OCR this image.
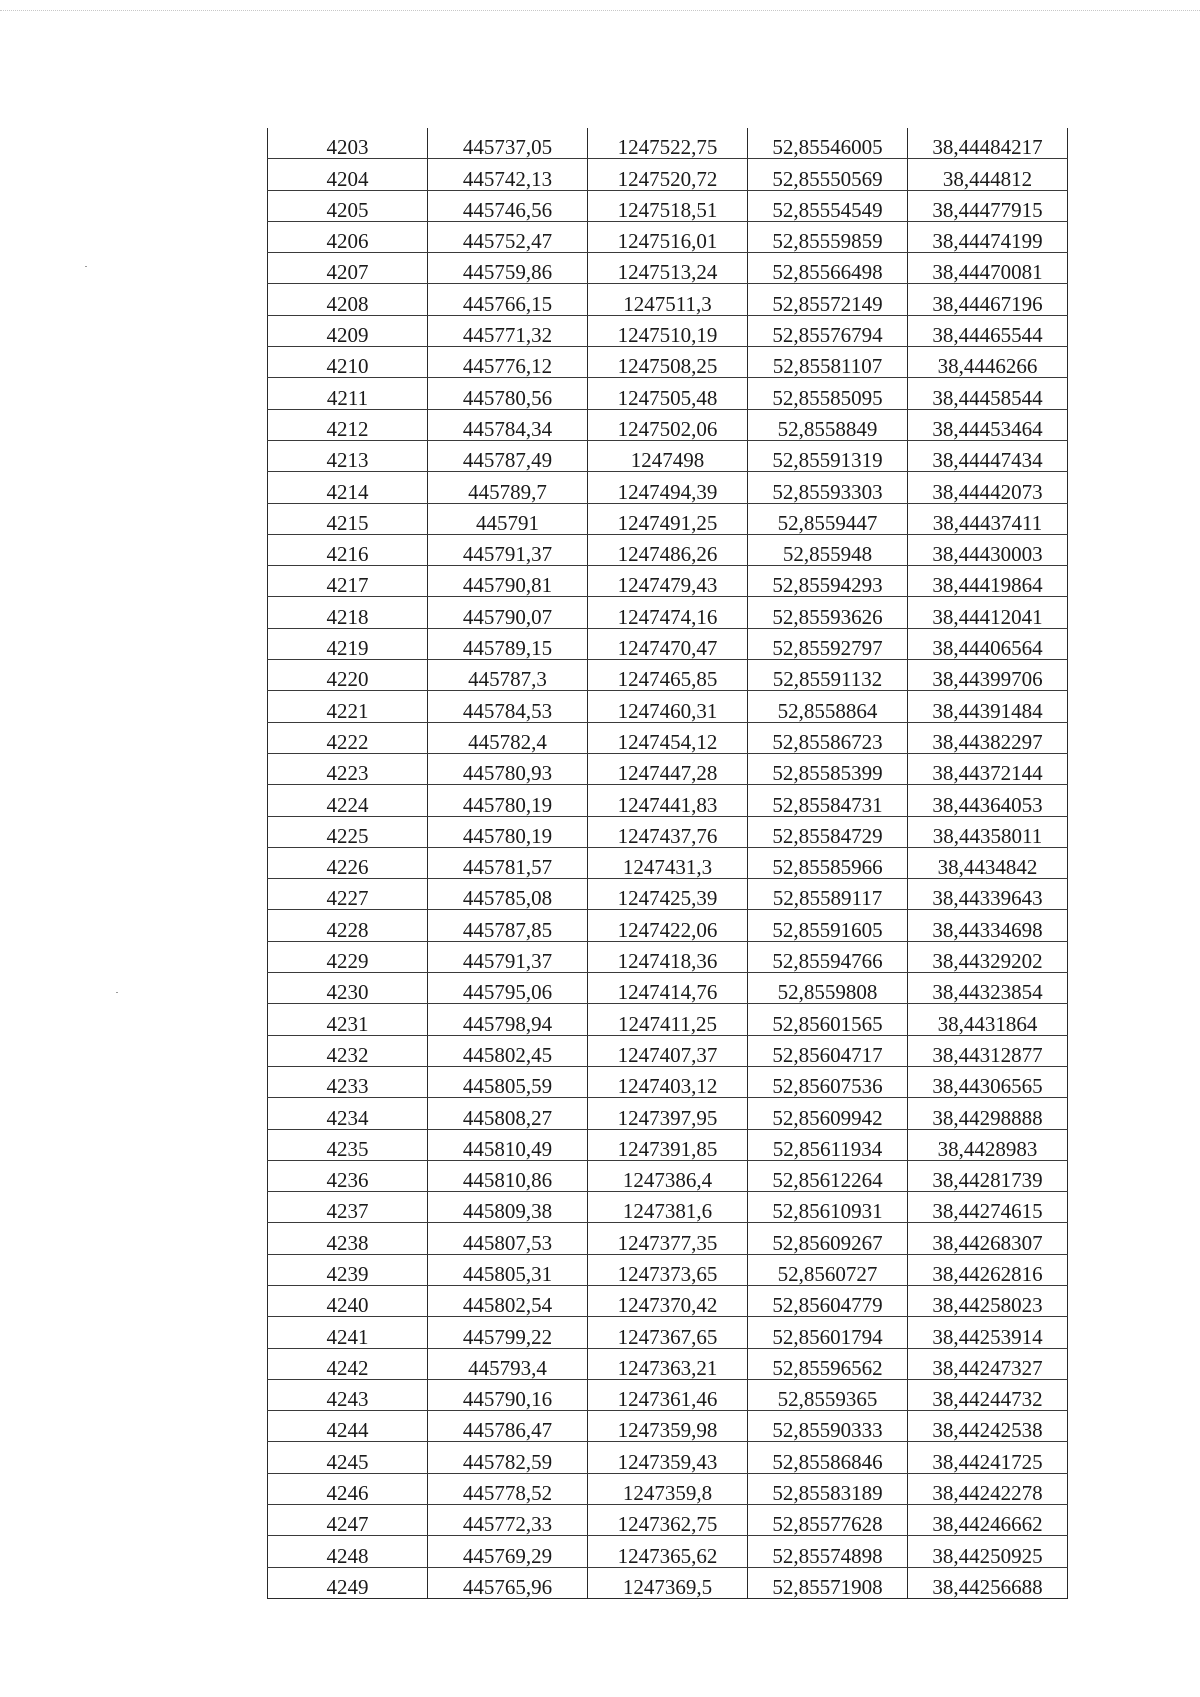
4203	445737,05	1247522,75	52,85546005	38,44484217
4204	445742,13	1247520,72	52,85550569	38,444812
4205	445746,56	1247518,51	52,85554549	38,44477915
4206	445752,47	1247516,01	52,85559859	38,44474199
4207	445759,86	1247513,24	52,85566498	38,44470081
4208	445766,15	1247511,3	52,85572149	38,44467196
4209	445771,32	1247510,19	52,85576794	38,44465544
4210	445776,12	1247508,25	52,85581107	38,4446266
4211	445780,56	1247505,48	52,85585095	38,44458544
4212	445784,34	1247502,06	52,8558849	38,44453464
4213	445787,49	1247498	52,85591319	38,44447434
4214	445789,7	1247494,39	52,85593303	38,44442073
4215	445791	1247491,25	52,8559447	38,44437411
4216	445791,37	1247486,26	52,855948	38,44430003
4217	445790,81	1247479,43	52,85594293	38,44419864
4218	445790,07	1247474,16	52,85593626	38,44412041
4219	445789,15	1247470,47	52,85592797	38,44406564
4220	445787,3	1247465,85	52,85591132	38,44399706
4221	445784,53	1247460,31	52,8558864	38,44391484
4222	445782,4	1247454,12	52,85586723	38,44382297
4223	445780,93	1247447,28	52,85585399	38,44372144
4224	445780,19	1247441,83	52,85584731	38,44364053
4225	445780,19	1247437,76	52,85584729	38,44358011
4226	445781,57	1247431,3	52,85585966	38,4434842
4227	445785,08	1247425,39	52,85589117	38,44339643
4228	445787,85	1247422,06	52,85591605	38,44334698
4229	445791,37	1247418,36	52,85594766	38,44329202
4230	445795,06	1247414,76	52,8559808	38,44323854
4231	445798,94	1247411,25	52,85601565	38,4431864
4232	445802,45	1247407,37	52,85604717	38,44312877
4233	445805,59	1247403,12	52,85607536	38,44306565
4234	445808,27	1247397,95	52,85609942	38,44298888
4235	445810,49	1247391,85	52,85611934	38,4428983
4236	445810,86	1247386,4	52,85612264	38,44281739
4237	445809,38	1247381,6	52,85610931	38,44274615
4238	445807,53	1247377,35	52,85609267	38,44268307
4239	445805,31	1247373,65	52,8560727	38,44262816
4240	445802,54	1247370,42	52,85604779	38,44258023
4241	445799,22	1247367,65	52,85601794	38,44253914
4242	445793,4	1247363,21	52,85596562	38,44247327
4243	445790,16	1247361,46	52,8559365	38,44244732
4244	445786,47	1247359,98	52,85590333	38,44242538
4245	445782,59	1247359,43	52,85586846	38,44241725
4246	445778,52	1247359,8	52,85583189	38,44242278
4247	445772,33	1247362,75	52,85577628	38,44246662
4248	445769,29	1247365,62	52,85574898	38,44250925
4249	445765,96	1247369,5	52,85571908	38,44256688
